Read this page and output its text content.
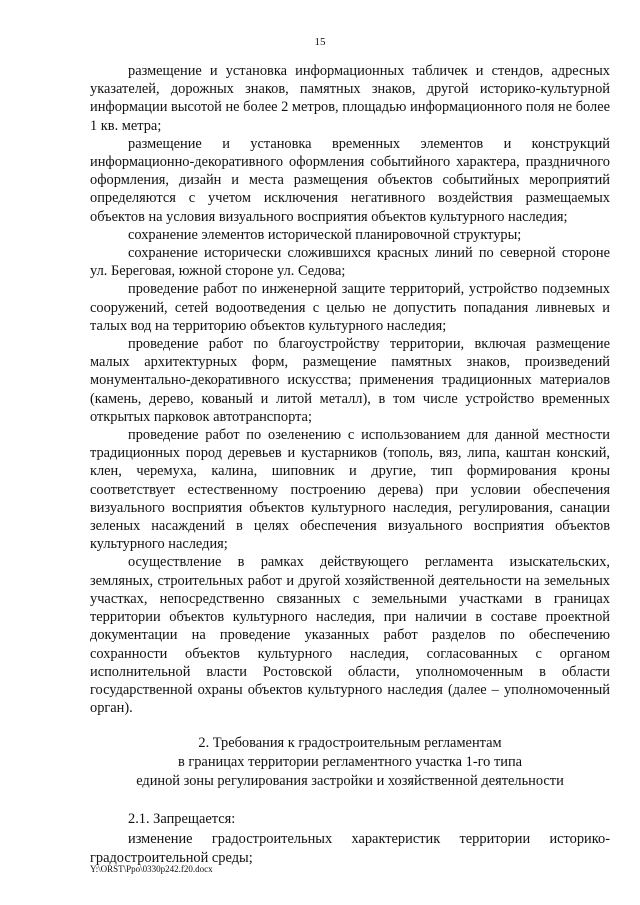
15

размещение и установка информационных табличек и стендов, адресных указателей, дорожных знаков, памятных знаков, другой историко-культурной информации высотой не более 2 метров, площадью информационного поля не более 1 кв. метра;

размещение и установка временных элементов и конструкций информационно-декоративного оформления событийного характера, праздничного оформления, дизайн и места размещения объектов событийных мероприятий определяются с учетом исключения негативного воздействия размещаемых объектов на условия визуального восприятия объектов культурного наследия;

сохранение элементов исторической планировочной структуры;

сохранение исторически сложившихся красных линий по северной стороне ул. Береговая, южной стороне ул. Седова;

проведение работ по инженерной защите территорий, устройство подземных сооружений, сетей водоотведения с целью не допустить попадания ливневых и талых вод на территорию объектов культурного наследия;

проведение работ по благоустройству территории, включая размещение малых архитектурных форм, размещение памятных знаков, произведений монументально-декоративного искусства; применения традиционных материалов (камень, дерево, кованый и литой металл), в том числе устройство временных открытых парковок автотранспорта;

проведение работ по озеленению с использованием для данной местности традиционных пород деревьев и кустарников (тополь, вяз, липа, каштан конский, клен, черемуха, калина, шиповник и другие, тип формирования кроны соответствует естественному построению дерева) при условии обеспечения визуального восприятия объектов культурного наследия, регулирования, санации зеленых насаждений в целях обеспечения визуального восприятия объектов культурного наследия;

осуществление в рамках действующего регламента изыскательских, земляных, строительных работ и другой хозяйственной деятельности на земельных участках, непосредственно связанных с земельными участками в границах территории объектов культурного наследия, при наличии в составе проектной документации на проведение указанных работ разделов по обеспечению сохранности объектов культурного наследия, согласованных с органом исполнительной власти Ростовской области, уполномоченным в области государственной охраны объектов культурного наследия (далее – уполномоченный орган).

2. Требования к градостроительным регламентам
в границах территории регламентного участка 1-го типа
единой зоны регулирования застройки и хозяйственной деятельности

2.1. Запрещается:

изменение градостроительных характеристик территории историко-градостроительной среды;

Y:\ORST\Ppo\0330p242.f20.docx
